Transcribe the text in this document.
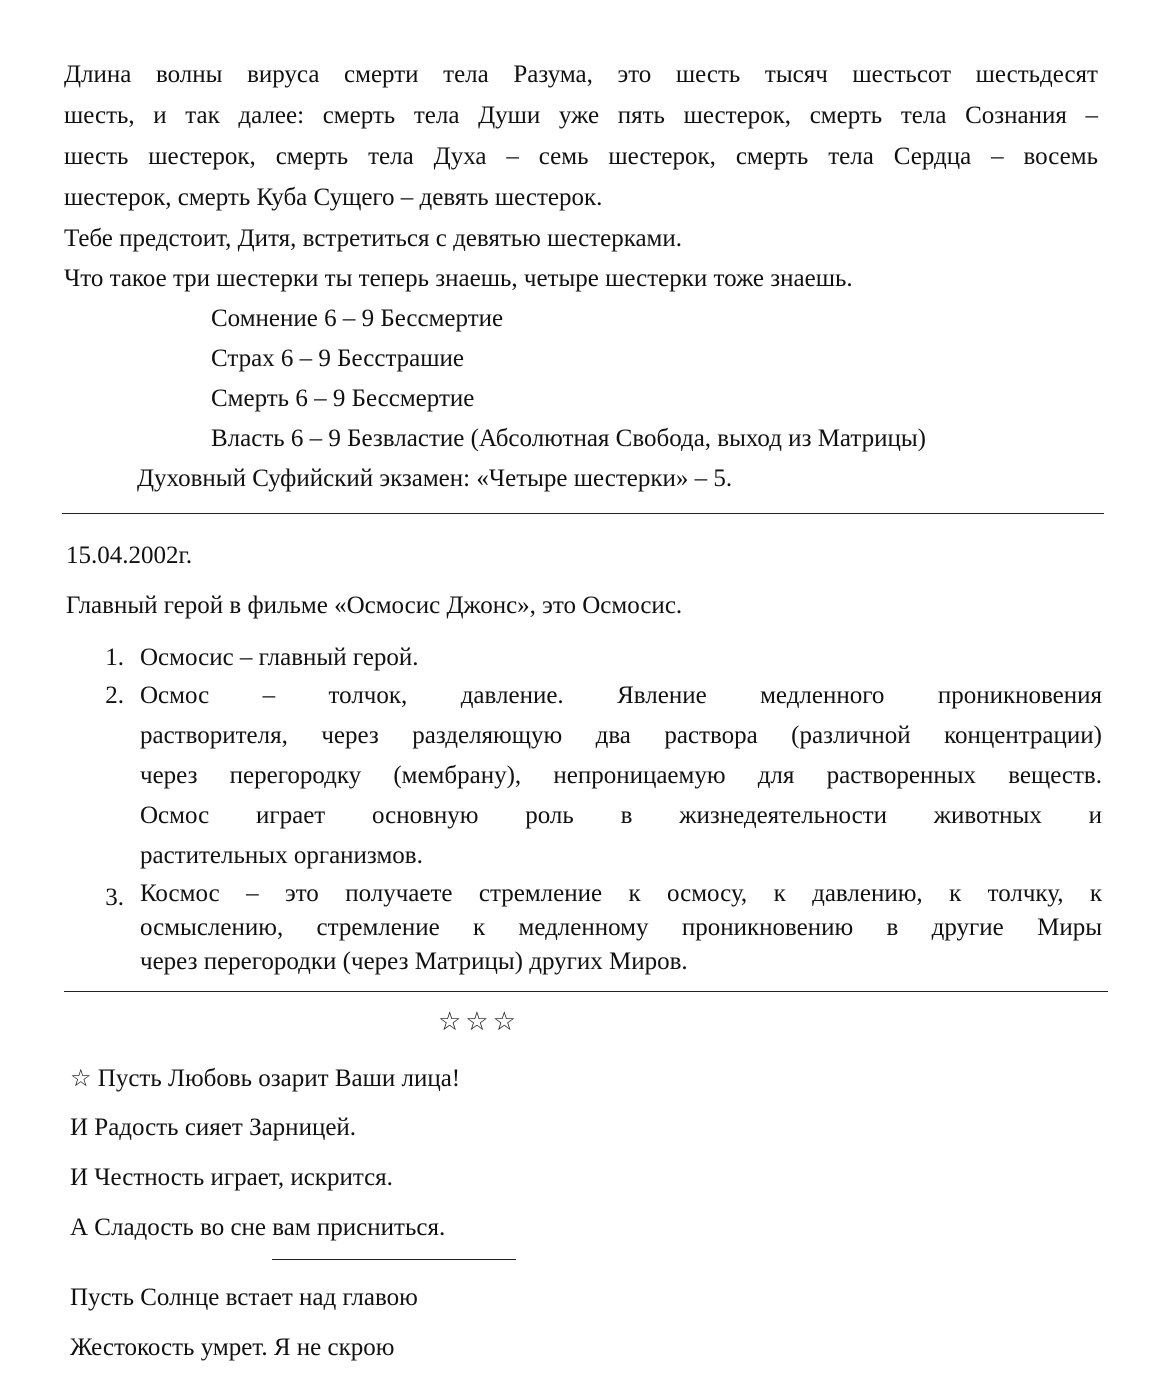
Длина волны вируса смерти тела Разума, это шесть тысяч шестьсот шестьдесят
шесть, и так далее: смерть тела Души уже пять шестерок, смерть тела Сознания –
шесть шестерок, смерть тела Духа – семь шестерок, смерть тела Сердца – восемь
шестерок, смерть Куба Сущего – девять шестерок.
Тебе предстоит, Дитя, встретиться с девятью шестерками.
Что такое три шестерки ты теперь знаешь, четыре шестерки тоже знаешь.
Сомнение 6 – 9 Бессмертие
Страх 6 – 9 Бесстрашие
Смерть 6 – 9 Бессмертие
Власть 6 – 9 Безвластие (Абсолютная Свобода, выход из Матрицы)
Духовный Суфийский экзамен: «Четыре шестерки» – 5.
15.04.2002г.
Главный герой в фильме «Осмосис Джонс», это Осмосис.
1. Осмосис – главный герой.
2. Осмос – толчок, давление. Явление медленного проникновения
растворителя, через разделяющую два раствора (различной концентрации)
через перегородку (мембрану), непроницаемую для растворенных веществ.
Осмос играет основную роль в жизнедеятельности животных и
растительных организмов.
3. Космос – это получаете стремление к осмосу, к давлению, к толчку, к
осмыслению, стремление к медленному проникновению в другие Миры
через перегородки (через Матрицы) других Миров.
☆☆☆
☆ Пусть Любовь озарит Ваши лица!
И Радость сияет Зарницей.
И Честность играет, искрится.
А Сладость во сне вам присниться.
Пусть Солнце встает над главою
Жестокость умрет. Я не скрою
